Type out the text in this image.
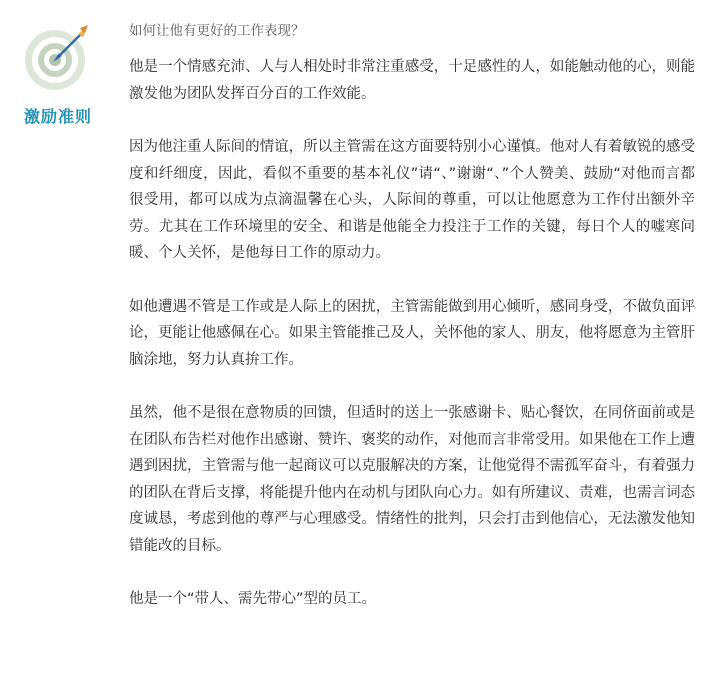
激励准则
如何让他有更好的工作表现？

他是一个情感充沛、人与人相处时非常注重感受，十足感性的人，如能触动他的心，则能激发他为团队发挥百分百的工作效能。

因为他注重人际间的情谊，所以主管需在这方面要特别小心谨慎。他对人有着敏锐的感受度和纤细度，因此，看似不重要的基本礼仪”请“、”谢谢“、”个人赞美、鼓励“对他而言都很受用，都可以成为点滴温馨在心头，人际间的尊重，可以让他愿意为工作付出额外辛劳。尤其在工作环境里的安全、和谐是他能全力投注于工作的关键，每日个人的嘘寒问暖、个人关怀，是他每日工作的原动力。

如他遭遇不管是工作或是人际上的困扰，主管需能做到用心倾听，感同身受，不做负面评论，更能让他感佩在心。如果主管能推己及人，关怀他的家人、朋友，他将愿意为主管肝脑涂地，努力认真拚工作。

虽然，他不是很在意物质的回馈，但适时的送上一张感谢卡、贴心餐饮，在同侪面前或是在团队布告栏对他作出感谢、赞许、褒奖的动作，对他而言非常受用。如果他在工作上遭遇到困扰，主管需与他一起商议可以克服解决的方案，让他觉得不需孤军奋斗，有着强力的团队在背后支撑，将能提升他内在动机与团队向心力。如有所建议、责难，也需言词态度诚恳，考虑到他的尊严与心理感受。情绪性的批判，只会打击到他信心，无法激发他知错能改的目标。

他是一个“带人、需先带心”型的员工。
